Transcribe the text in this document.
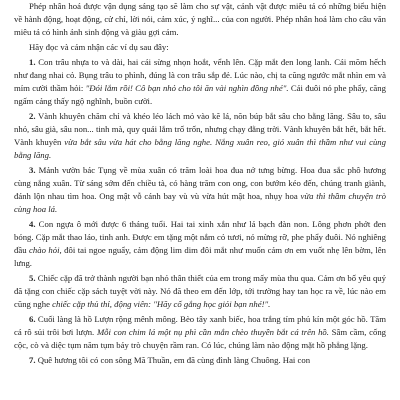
Phép nhân hoá được vận dụng sáng tạo sẽ làm cho sự vật, cảnh vật được miêu tả có những biểu hiện về hành động, hoạt động, cử chỉ, lời nói, cảm xúc, ý nghĩ... của con người. Phép nhân hoá làm cho câu văn miêu tả có hình ảnh sinh động và giàu gợi cảm.

Hãy đọc và cảm nhận các ví dụ sau đây:

1. Con trâu nhựa to và dài, hai cái sừng nhọn hoắt, vểnh lên. Cặp mắt đen long lanh. Cái mõm hếch như đang nhai cỏ. Bụng trâu to phình, đúng là con trâu sắp đẻ. Lúc nào, chị ta cũng ngước mắt nhìn em và mỉm cười thầm hỏi: "Đói lắm rồi! Cô bạn nhỏ cho tôi ăn vài nghìn đồng nhé". Cái đuôi nó phe phẩy, căng ngấm cảng thấy ngộ nghĩnh, buồn cười.

2. Vành khuyên chăm chỉ và khéo léo lách mỏ vào kẽ lá, nõn búp bắt sâu cho bằng lăng. Sâu to, sâu nhỏ, sâu già, sâu non... tinh mà, quy quái lắm trố trốn, nhưng chạy đằng trời. Vành khuyên bắt hết, bắt hết. Vành khuyên vừa bắt sâu vừa hát cho bằng lăng nghe. Nắng xuân reo, gió xuân thì thầm như vui cùng bằng lăng.

3. Mảnh vườn bác Tụng về mùa xuân có trăm loài hoa đua nở tưng bừng. Hoa đua sắc phô hương cùng nắng xuân. Từ sáng sớm đến chiều tà, có hàng trăm con ong, con bướm kéo đến, chúng tranh giành, đánh lộn nhau tìm hoa. Ong mật vỗ cánh bay vù vù vừa hút mật hoa, nhụy hoa vừa thì thầm chuyện trò cùng hoa lá.

4. Con ngựa ô mới được 6 tháng tuổi. Hai tai xinh xắn như lá bạch đàn non. Lông phơn phớt đen bóng. Cặp mắt thao láo, tinh anh. Được em tặng một nắm cỏ tươi, nó mừng rỡ, phe phẩy đuôi. Nó nghiêng đầu chào hỏi, đôi tai ngoe nguẩy, cảm động lim dim đôi mắt như muốn cảm ơn em vuốt nhẹ lên bờm, lên lưng.

5. Chiếc cặp đã trở thành người bạn nhỏ thân thiết của em trong mấy mùa thu qua. Cảm ơn bố yêu quý đã tặng con chiếc cặp sách tuyệt vời này. Nó đã theo em đến lớp, tới trường hay tan học ra về, lúc nào em cũng nghe chiếc cặp thủ thỉ, động viên: "Hãy cố gắng học giỏi bạn nhé!".

6. Cuối làng là hồ Lượn rộng mênh mông. Bèo tây xanh biếc, hoa trắng tím phủ kín một góc hồ. Tăm cá rô sủi trôi bơi lượn. Mỗi con chim lá một nụ phì cần mắn chèo thuyền bắt cá trên hồ. Sâm cầm, cống cộc, cò và diệc tụm năm tụm bảy trò chuyện rầm ran. Có lúc, chúng làm nào động mặt hồ phẳng lặng.

7. Quê hương tôi có con sông Mã Thuần, em đã cùng đình làng Chuông. Hai con
